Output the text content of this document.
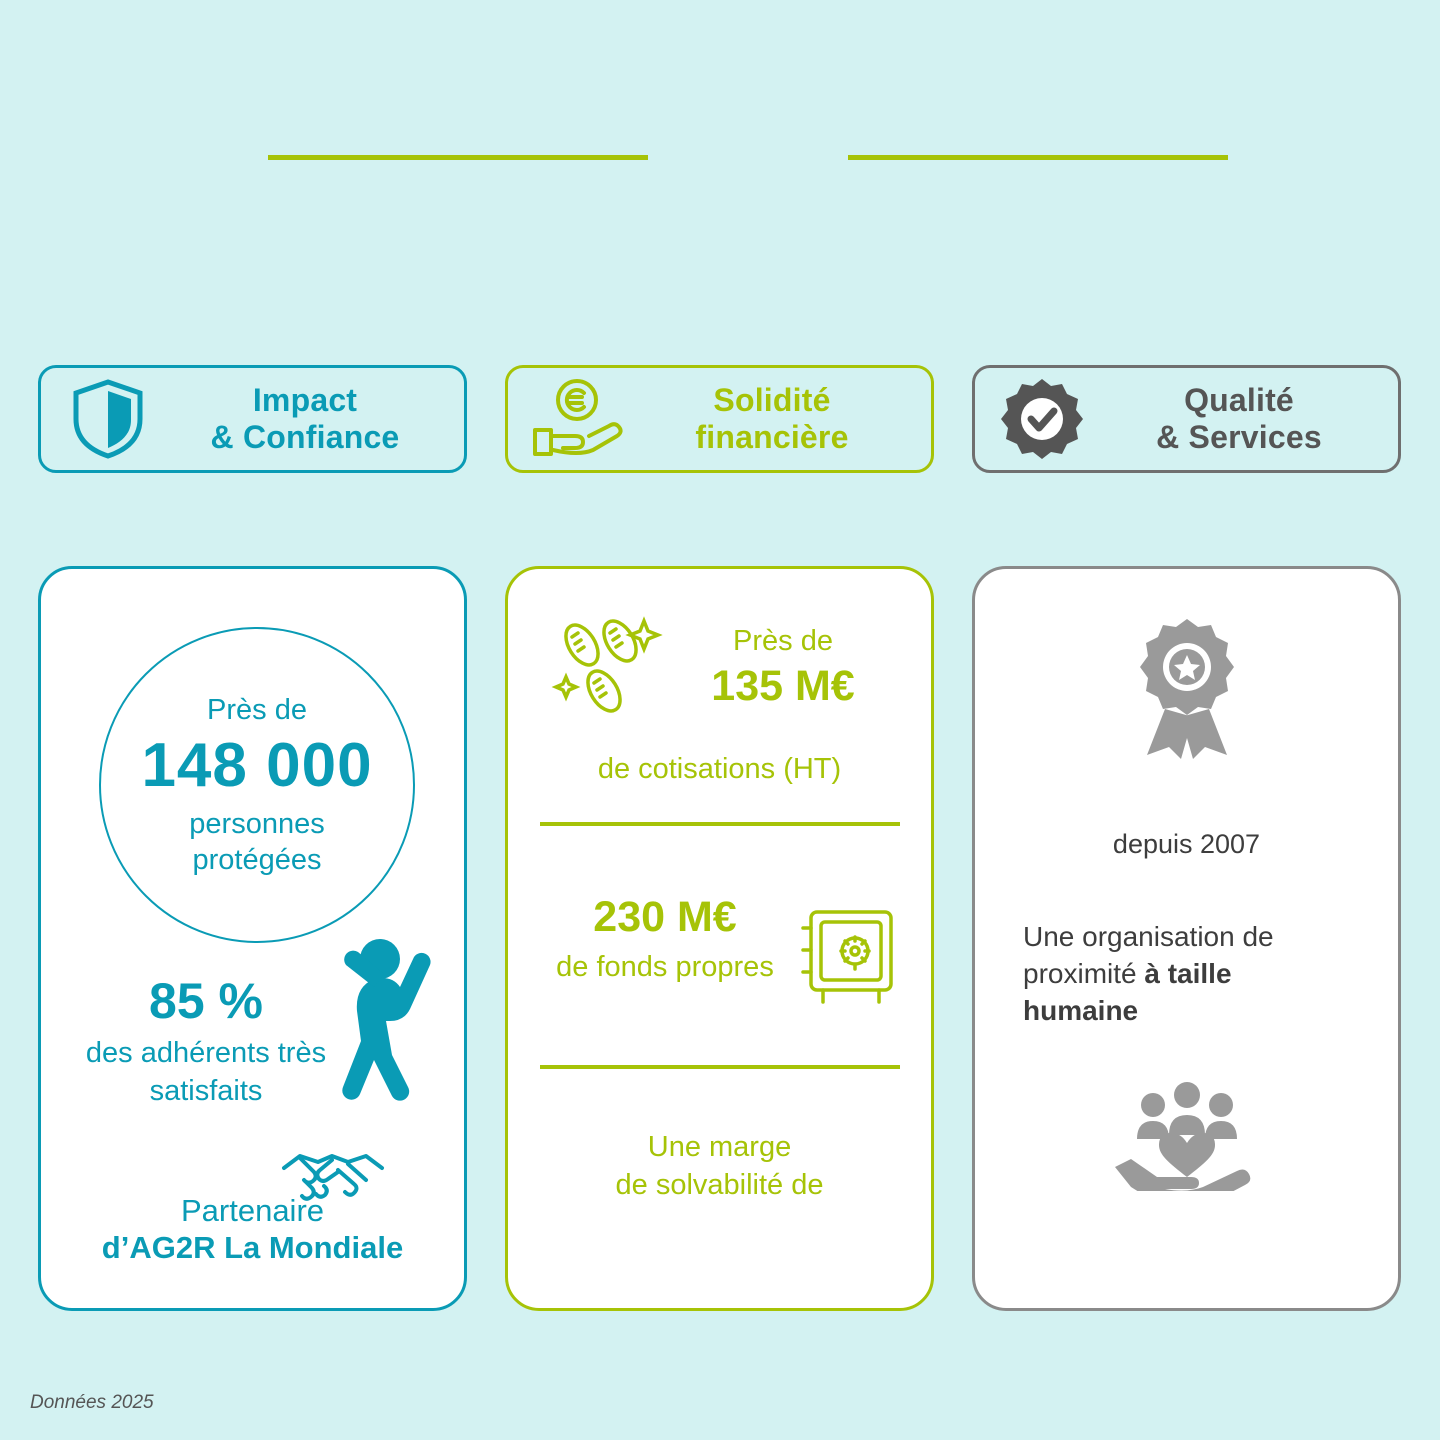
Impact
& Confiance
Près de
148 000
personnes
protégées
85 %
des adhérents très
satisfaits
Partenaire
d’AG2R La Mondiale
Solidité
financière
Près de
135 M€
de cotisations (HT)
230 M€
de fonds propres
Une marge
de solvabilité de
Qualité
& Services
depuis 2007
Une organisation de proximité à taille humaine
Données 2025
